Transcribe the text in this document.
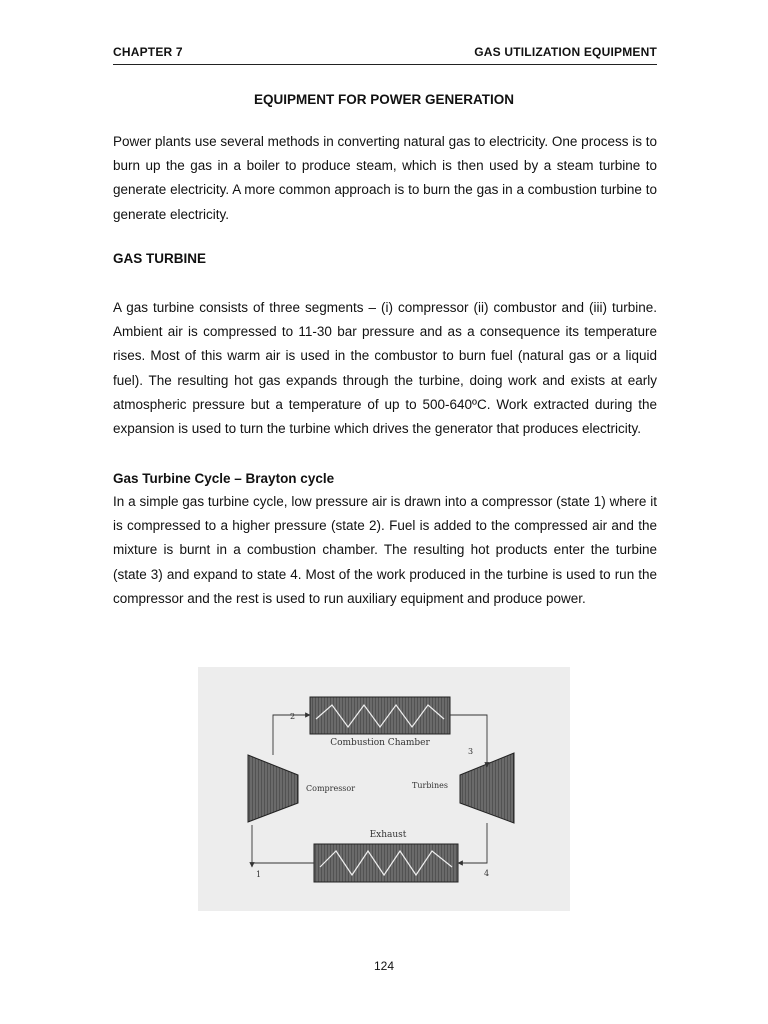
CHAPTER 7	GAS UTILIZATION EQUIPMENT
EQUIPMENT FOR POWER GENERATION

Power plants use several methods in converting natural gas to electricity. One process is to burn up the gas in a boiler to produce steam, which is then used by a steam turbine to generate electricity. A more common approach is to burn the gas in a combustion turbine to generate electricity.

GAS TURBINE

A gas turbine consists of three segments – (i) compressor (ii) combustor and (iii) turbine. Ambient air is compressed to 11-30 bar pressure and as a consequence its temperature rises. Most of this warm air is used in the combustor to burn fuel (natural gas or a liquid fuel). The resulting hot gas expands through the turbine, doing work and exists at early atmospheric pressure but a temperature of up to 500-640ºC. Work extracted during the expansion is used to turn the turbine which drives the generator that produces electricity.

Gas Turbine Cycle – Brayton cycle

In a simple gas turbine cycle, low pressure air is drawn into a compressor (state 1) where it is compressed to a higher pressure (state 2). Fuel is added to the compressed air and the mixture is burnt in a combustion chamber. The resulting hot products enter the turbine (state 3) and expand to state 4. Most of the work produced in the turbine is used to run the compressor and the rest is used to run auxiliary equipment and produce power.

Combustion Chamber
Exhaust
Compressor	Turbines
2
3
4
1
124
